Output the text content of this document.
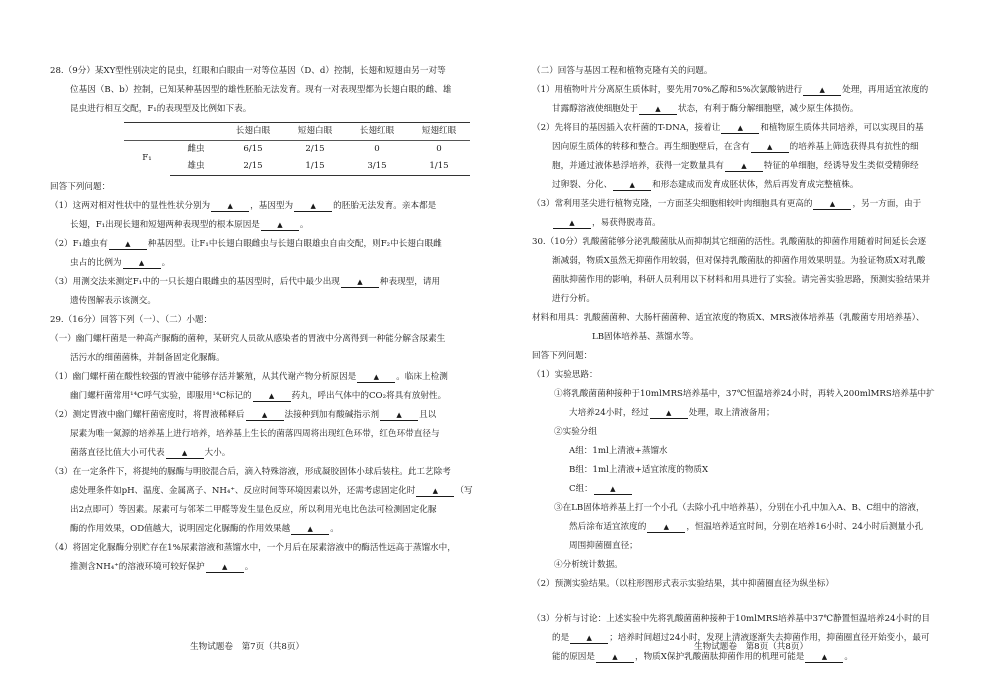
28.（9分）某XY型性别决定的昆虫，红眼和白眼由一对等位基因（D、d）控制，长翅和短翅由另一对等
位基因（B、b）控制，已知某种基因型的雄性胚胎无法发育。现有一对表现型都为长翅白眼的雌、雄
昆虫进行相互交配，F₁的表现型及比例如下表。

		长翅白眼	短翅白眼	长翅红眼	短翅红眼
F₁	雌虫	6/15	2/15	0	0
	雄虫	2/15	1/15	3/15	1/15

回答下列问题：

（1）这两对相对性状中的显性性状分别为 ▲ ，基因型为 ▲ 的胚胎无法发育。亲本都是
长翅，F₁出现长翅和短翅两种表现型的根本原因是 ▲ 。

（2）F₁雄虫有 ▲ 种基因型。让F₁中长翅白眼雌虫与长翅白眼雄虫自由交配，则F₂中长翅白眼雌
虫占的比例为 ▲ 。

（3）用测交法来测定F₁中的一只长翅白眼雌虫的基因型时，后代中最少出现 ▲ 种表现型，请用
遗传图解表示该测交。

29.（16分）回答下列（一）、（二）小题：

（一）幽门螺杆菌是一种高产脲酶的菌种，某研究人员欲从感染者的胃液中分离得到一种能分解含尿素生
活污水的细菌菌株，并制备固定化脲酶。

（1）幽门螺杆菌在酸性较强的胃液中能够存活并繁殖，从其代谢产物分析原因是 ▲ 。临床上检测
幽门螺杆菌常用¹⁴C呼气实验，即服用¹⁴C标记的 ▲ 药丸，呼出气体中的CO₂将具有放射性。

（2）测定胃液中幽门螺杆菌密度时，将胃液稀释后 ▲ 法接种到加有酸碱指示剂 ▲ 且以
尿素为唯一氮源的培养基上进行培养，培养基上生长的菌落四周将出现红色环带，红色环带直径与
菌落直径比值大小可代表 ▲ 大小。

（3）在一定条件下，将提纯的脲酶与明胶混合后，滴入特殊溶液，形成凝胶固体小球后装柱。此工艺除考
虑处理条件如pH、温度、金属离子、NH₄⁺、反应时间等环境因素以外，还需考虑固定化时 ▲ （写
出2点即可）等因素。尿素可与邻苯二甲醛等发生显色反应，所以利用光电比色法可检测固定化脲
酶的作用效果，OD值越大，说明固定化脲酶的作用效果越 ▲ 。

（4）将固定化脲酶分别贮存在1%尿素溶液和蒸馏水中，一个月后在尿素溶液中的酶活性远高于蒸馏水中，
推测含NH₄⁺的溶液环境可较好保护 ▲ 。

（二）回答与基因工程和植物克隆有关的问题。

（1）用植物叶片分离原生质体时，要先用70%乙醇和5%次氯酸钠进行 ▲ 处理，再用适宜浓度的
甘露醇溶液使细胞处于 ▲ 状态，有利于酶分解细胞壁，减少原生体损伤。

（2）先将目的基因插入农杆菌的T-DNA，接着让 ▲ 和植物原生质体共同培养，可以实现目的基
因向原生质体的转移和整合。再生细胞壁后，在含有 ▲ 的培养基上筛选获得具有抗性的细
胞，并通过液体悬浮培养，获得一定数量具有 ▲ 特征的单细胞，经诱导发生类似受精卵经
过卵裂、分化、 ▲ 和形态建成而发育成胚状体，然后再发育成完整植株。

（3）常利用茎尖进行植物克隆，一方面茎尖细胞相较叶肉细胞具有更高的 ▲ ，另一方面，由于
▲ ，易获得脱毒苗。

30.（10分）乳酸菌能够分泌乳酸菌肽从而抑制其它细菌的活性。乳酸菌肽的抑菌作用随着时间延长会逐
渐减弱，物质X虽然无抑菌作用较弱，但对保持乳酸菌肽的抑菌作用效果明显。为验证物质X对乳酸
菌肽抑菌作用的影响，科研人员利用以下材料和用具进行了实验。请完善实验思路，预测实验结果并
进行分析。

材料和用具：乳酸菌菌种、大肠杆菌菌种、适宜浓度的物质X、MRS液体培养基（乳酸菌专用培养基）、
LB固体培养基、蒸馏水等。

回答下列问题：

（1）实验思路：

①将乳酸菌菌种接种于10mlMRS培养基中，37℃恒温培养24小时，再转入200mlMRS培养基中扩
大培养24小时，经过 ▲ 处理，取上清液备用；

②实验分组

A组：1ml上清液+蒸馏水

B组：1ml上清液+适宜浓度的物质X

C组： ▲

③在LB固体培养基上打一个小孔（去除小孔中培养基），分别在小孔中加入A、B、C组中的溶液，
然后涂布适宜浓度的 ▲ ，恒温培养适宜时间，分别在培养16小时、24小时后测量小孔
周围抑菌圈直径；

④分析统计数据。

（2）预测实验结果。（以柱形图形式表示实验结果，其中抑菌圈直径为纵坐标）

（3）分析与讨论：上述实验中先将乳酸菌菌种接种于10mlMRS培养基中37℃静置恒温培养24小时的目
的是 ▲ ；培养时间超过24小时，发现上清液逐渐失去抑菌作用，抑菌圈直径开始变小，最可
能的原因是 ▲ ，物质X保护乳酸菌肽抑菌作用的机理可能是 ▲ 。

生物试题卷　第7页（共8页）	生物试题卷　第8页（共8页）
